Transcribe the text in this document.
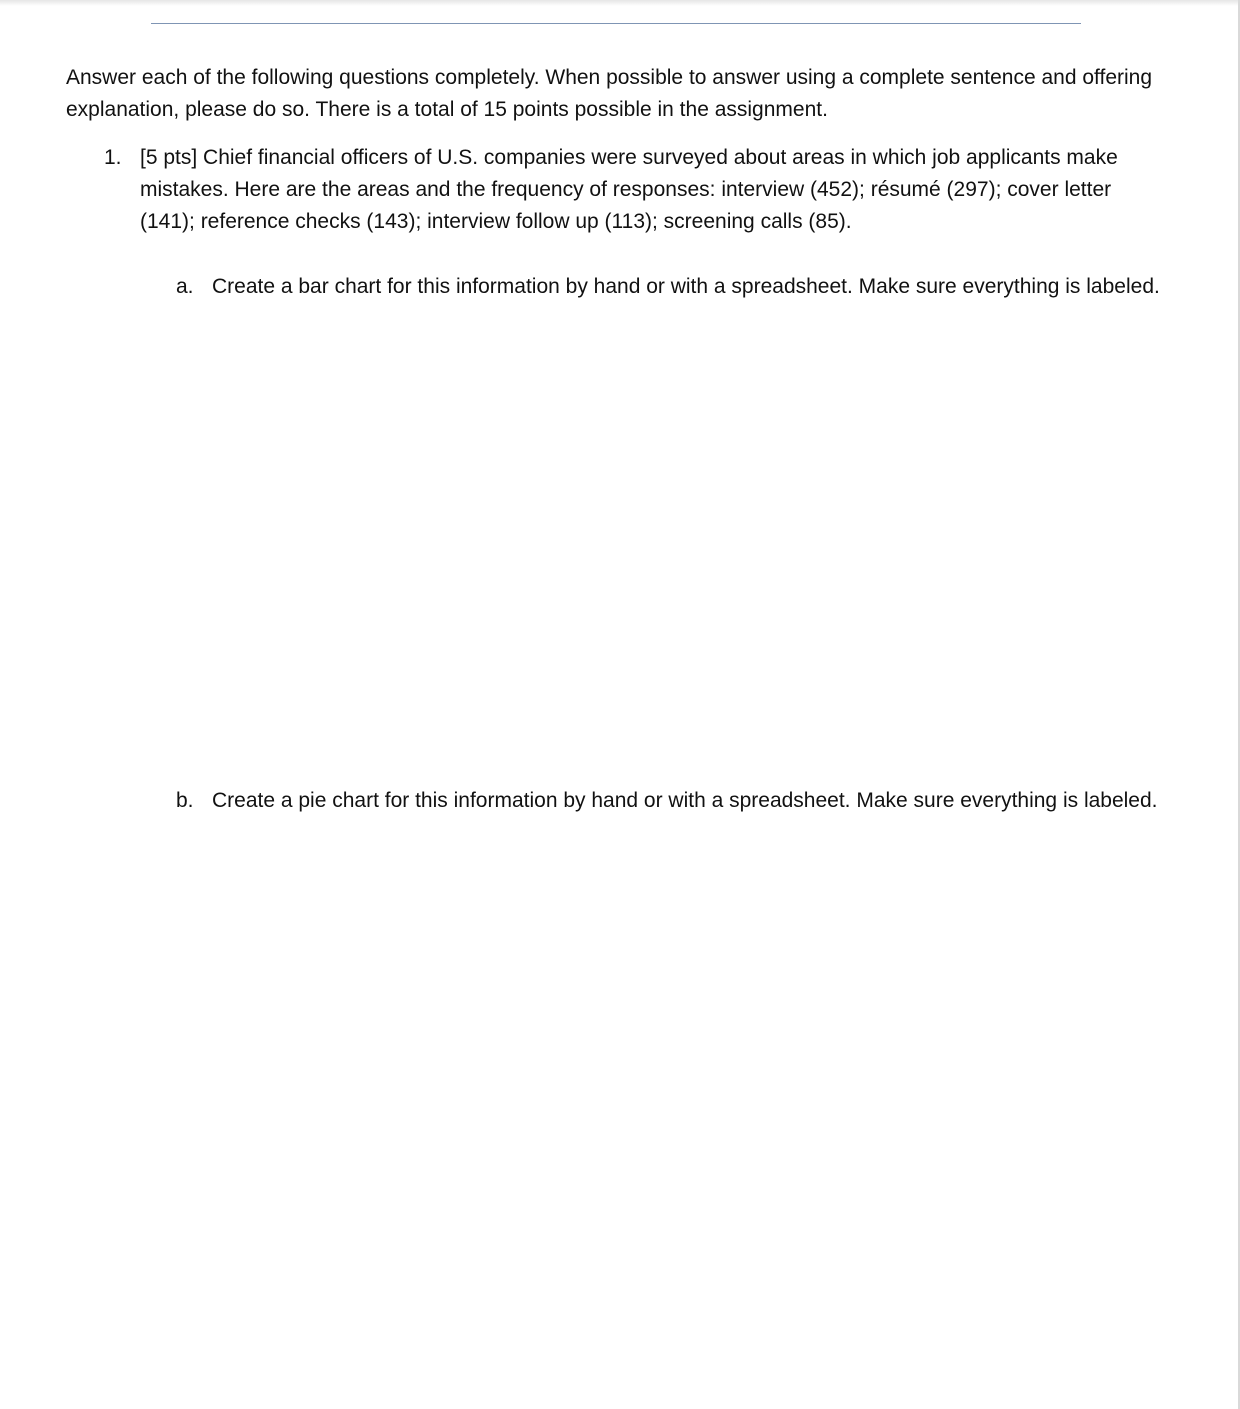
Answer each of the following questions completely. When possible to answer using a complete sentence and offering explanation, please do so. There is a total of 15 points possible in the assignment.

1. [5 pts] Chief financial officers of U.S. companies were surveyed about areas in which job applicants make mistakes. Here are the areas and the frequency of responses: interview (452); résumé (297); cover letter (141); reference checks (143); interview follow up (113); screening calls (85).
a. Create a bar chart for this information by hand or with a spreadsheet. Make sure everything is labeled.
b. Create a pie chart for this information by hand or with a spreadsheet. Make sure everything is labeled.
